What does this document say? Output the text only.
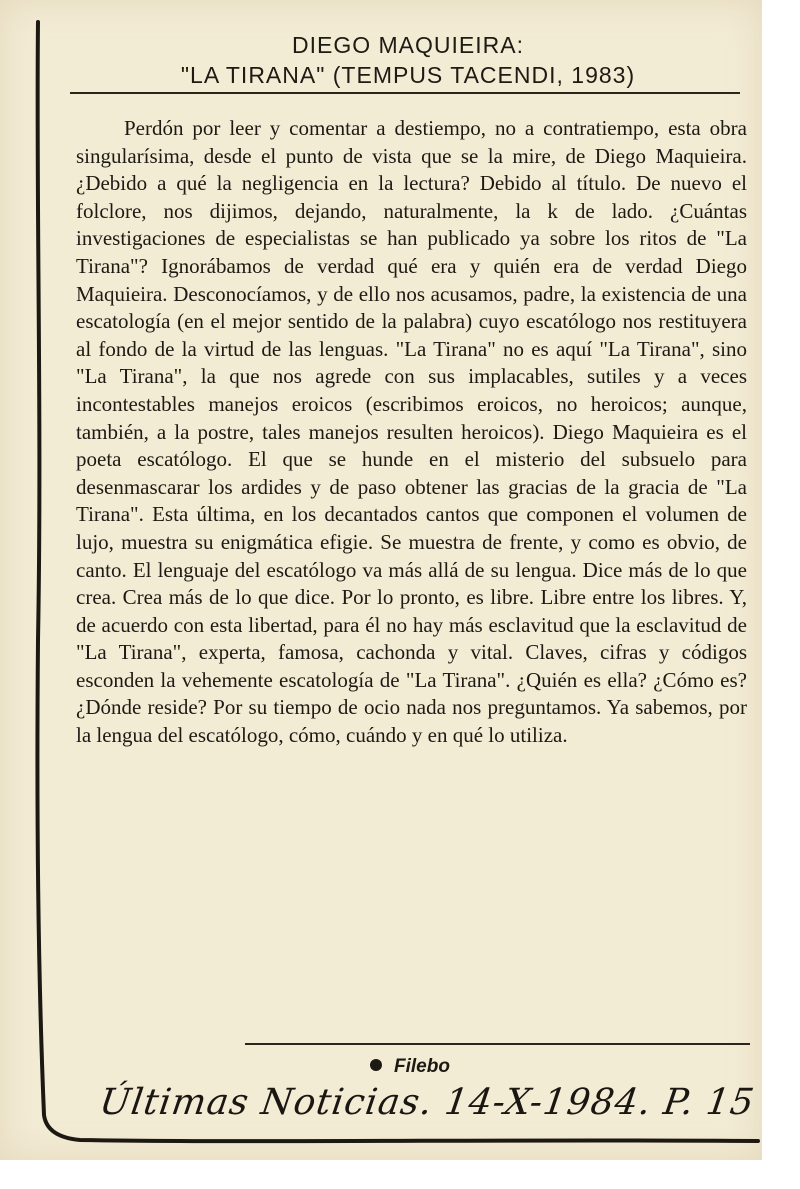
DIEGO MAQUIEIRA:
"LA TIRANA" (TEMPUS TACENDI, 1983)

Perdón por leer y comentar a destiempo, no a contratiempo, esta obra singularísima, desde el punto de vista que se la mire, de Diego Maquieira. ¿Debido a qué la negligencia en la lectura? Debido al título. De nuevo el folclore, nos dijimos, dejando, naturalmente, la k de lado. ¿Cuántas investigaciones de especialistas se han publicado ya sobre los ritos de "La Tirana"? Ignorábamos de verdad qué era y quién era de verdad Diego Maquieira. Desconocíamos, y de ello nos acusamos, padre, la existencia de una escatología (en el mejor sentido de la palabra) cuyo escatólogo nos restituyera al fondo de la virtud de las lenguas. "La Tirana" no es aquí "La Tirana", sino "La Tirana", la que nos agrede con sus implacables, sutiles y a veces incontestables manejos eroicos (escribimos eroicos, no heroicos; aunque, también, a la postre, tales manejos resulten heroicos). Diego Maquieira es el poeta escatólogo. El que se hunde en el misterio del subsuelo para desenmascarar los ardides y de paso obtener las gracias de la gracia de "La Tirana". Esta última, en los decantados cantos que componen el volumen de lujo, muestra su enigmática efigie. Se muestra de frente, y como es obvio, de canto. El lenguaje del escatólogo va más allá de su lengua. Dice más de lo que crea. Crea más de lo que dice. Por lo pronto, es libre. Libre entre los libres. Y, de acuerdo con esta libertad, para él no hay más esclavitud que la esclavitud de "La Tirana", experta, famosa, cachonda y vital. Claves, cifras y códigos esconden la vehemente escatología de "La Tirana". ¿Quién es ella? ¿Cómo es? ¿Dónde reside? Por su tiempo de ocio nada nos preguntamos. Ya sabemos, por la lengua del escatólogo, cómo, cuándo y en qué lo utiliza.

Filebo
Últimas Noticias. 14-X-1984. P. 15
